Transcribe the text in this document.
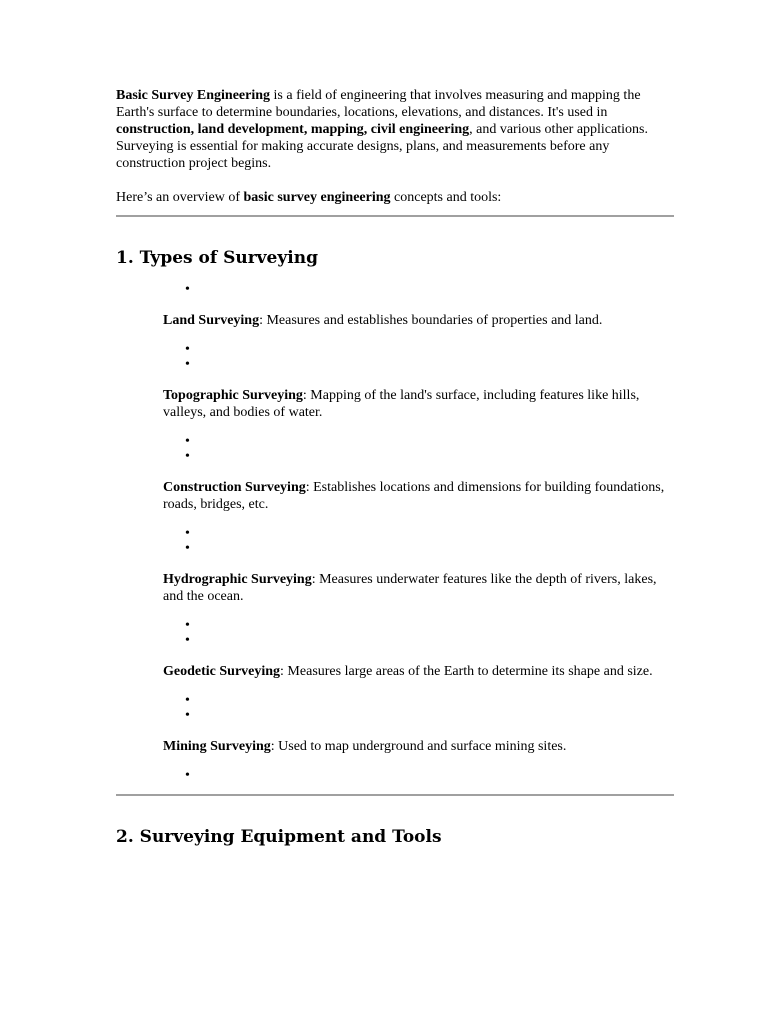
Basic Survey Engineering is a field of engineering that involves measuring and mapping the Earth's surface to determine boundaries, locations, elevations, and distances. It's used in construction, land development, mapping, civil engineering, and various other applications. Surveying is essential for making accurate designs, plans, and measurements before any construction project begins.

Here’s an overview of basic survey engineering concepts and tools:

1. Types of Surveying
•

Land Surveying: Measures and establishes boundaries of properties and land.

•
•

Topographic Surveying: Mapping of the land's surface, including features like hills, valleys, and bodies of water.

•
•

Construction Surveying: Establishes locations and dimensions for building foundations, roads, bridges, etc.

•
•

Hydrographic Surveying: Measures underwater features like the depth of rivers, lakes, and the ocean.

•
•

Geodetic Surveying: Measures large areas of the Earth to determine its shape and size.

•
•

Mining Surveying: Used to map underground and surface mining sites.

•
2. Surveying Equipment and Tools
